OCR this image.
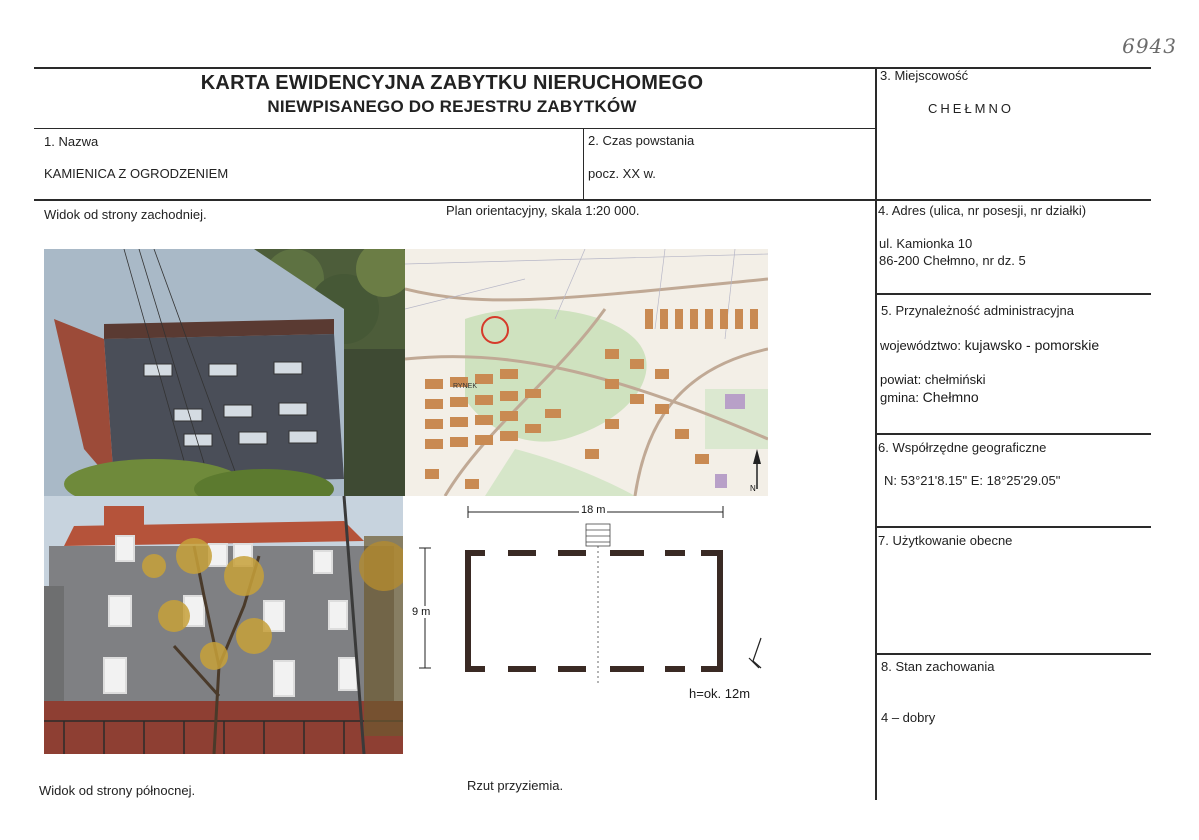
6943
KARTA EWIDENCYJNA ZABYTKU NIERUCHOMEGO
NIEWPISANEGO DO REJESTRU ZABYTKÓW
1. Nazwa
KAMIENICA Z OGRODZENIEM
2. Czas powstania
pocz. XX w.
3. Miejscowość
CHEŁMNO
4. Adres (ulica, nr posesji, nr działki)
ul. Kamionka 10
86-200 Chełmno, nr dz. 5
5. Przynależność administracyjna
województwo: kujawsko - pomorskie
powiat: chełmiński
gmina: Chełmno
6. Współrzędne geograficzne
N: 53°21'8.15" E: 18°25'29.05"
7. Użytkowanie obecne
8. Stan zachowania
4 – dobry
Widok od strony zachodniej.	Plan orientacyjny, skala 1:20 000.
Widok od strony północnej.	Rzut przyziemia.
RYNEK
N
18 m
9 m
h=ok. 12m
